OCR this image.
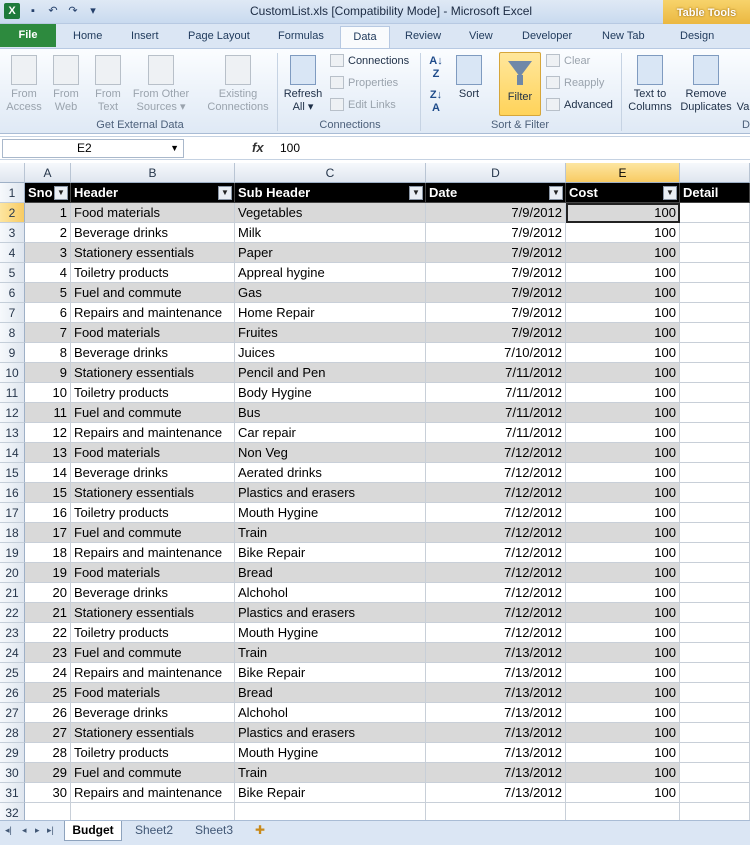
X	▪	↶ ↷	▾	CustomList.xls [Compatibility Mode] - Microsoft Excel	Table Tools
File	Home	Insert	Page Layout	Formulas	Data	Review	View	Developer	New Tab	Design
From
Access
From
Web
From
Text
From Other
Sources ▾
Existing
Connections
Get External Data
Refresh
All ▾
Connections
Properties
Edit Links
Connections
A↓
Z
Z↓
A
Sort
Clear
Reapply
Advanced
Sort & Filter
Text to
Columns
Remove
Duplicates Va
D
Filter
E2	▼	fx 100
A	B	C	D	E
1 Sno ▼ Header	▼ Sub Header	▼ Date	▼ Cost	▼ Detail
2	1 Food materials	Vegetables	7/9/2012	100
3	2 Beverage drinks	Milk	7/9/2012	100
4	3 Stationery essentials	Paper	7/9/2012	100
5	4 Toiletry products	Appreal hygine	7/9/2012	100
6	5 Fuel and commute	Gas	7/9/2012	100
7	6 Repairs and maintenance	Home Repair	7/9/2012	100
8	7 Food materials	Fruites	7/9/2012	100
9	8 Beverage drinks	Juices	7/10/2012	100
10	9 Stationery essentials	Pencil and Pen	7/11/2012	100
11	10 Toiletry products	Body Hygine	7/11/2012	100
12	11 Fuel and commute	Bus	7/11/2012	100
13	12 Repairs and maintenance	Car repair	7/11/2012	100
14	13 Food materials	Non Veg	7/12/2012	100
15	14 Beverage drinks	Aerated drinks	7/12/2012	100
16	15 Stationery essentials	Plastics and erasers	7/12/2012	100
17	16 Toiletry products	Mouth Hygine	7/12/2012	100
18	17 Fuel and commute	Train	7/12/2012	100
19	18 Repairs and maintenance	Bike Repair	7/12/2012	100
20	19 Food materials	Bread	7/12/2012	100
21	20 Beverage drinks	Alchohol	7/12/2012	100
22	21 Stationery essentials	Plastics and erasers	7/12/2012	100
23	22 Toiletry products	Mouth Hygine	7/12/2012	100
24	23 Fuel and commute	Train	7/13/2012	100
25	24 Repairs and maintenance	Bike Repair	7/13/2012	100
26	25 Food materials	Bread	7/13/2012	100
27	26 Beverage drinks	Alchohol	7/13/2012	100
28	27 Stationery essentials	Plastics and erasers	7/13/2012	100
29	28 Toiletry products	Mouth Hygine	7/13/2012	100
30	29 Fuel and commute	Train	7/13/2012	100
31	30 Repairs and maintenance	Bike Repair	7/13/2012	100
32
◂| ◂ ▸ ▸|	Budget	Sheet2 Sheet3 ✚
